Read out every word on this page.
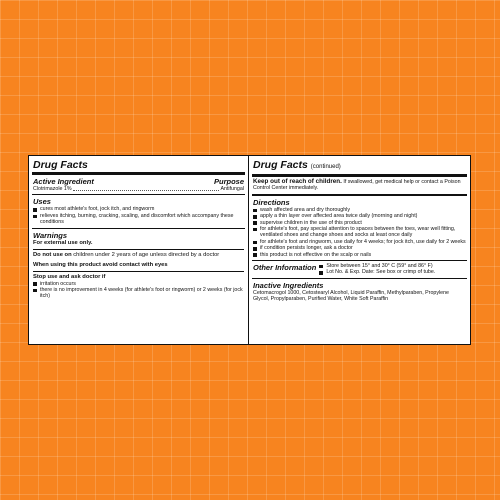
Drug Facts
Active Ingredient	Purpose
Clotrimazole 1%	Antifungal
Uses
cures most athlete's foot, jock itch, and ringworm
relieves itching, burning, cracking, scaling, and discomfort which accompany these conditions
Warnings
For external use only.
Do not use on children under 2 years of age unless directed by a doctor
When using this product avoid contact with eyes
Stop use and ask doctor if
irritation occurs
there is no improvement in 4 weeks (for athlete's foot or ringworm) or 2 weeks (for jock itch)
Drug Facts (continued)
Keep out of reach of children. If swallowed, get medical help or contact a Poison Control Center immediately.
Directions
wash affected area and dry thoroughly
apply a thin layer over affected area twice daily (morning and night)
supervise children in the use of this product
for athlete's foot, pay special attention to spaces between the toes, wear well fitting, ventilated shoes and change shoes and socks at least once daily
for athlete's foot and ringworm, use daily for 4 weeks; for jock itch, use daily for 2 weeks
if condition persists longer, ask a doctor
this product is not effective on the scalp or nails
Other Information	Store between 15° and 30° C (59° and 86° F)
Lot No. & Exp. Date: See box or crimp of tube.
Inactive Ingredients
Cetomacrogol 1000, Cetostearyl Alcohol, Liquid Paraffin, Methylparaben, Propylene Glycol, Propylparaben, Purified Water, White Soft Paraffin
